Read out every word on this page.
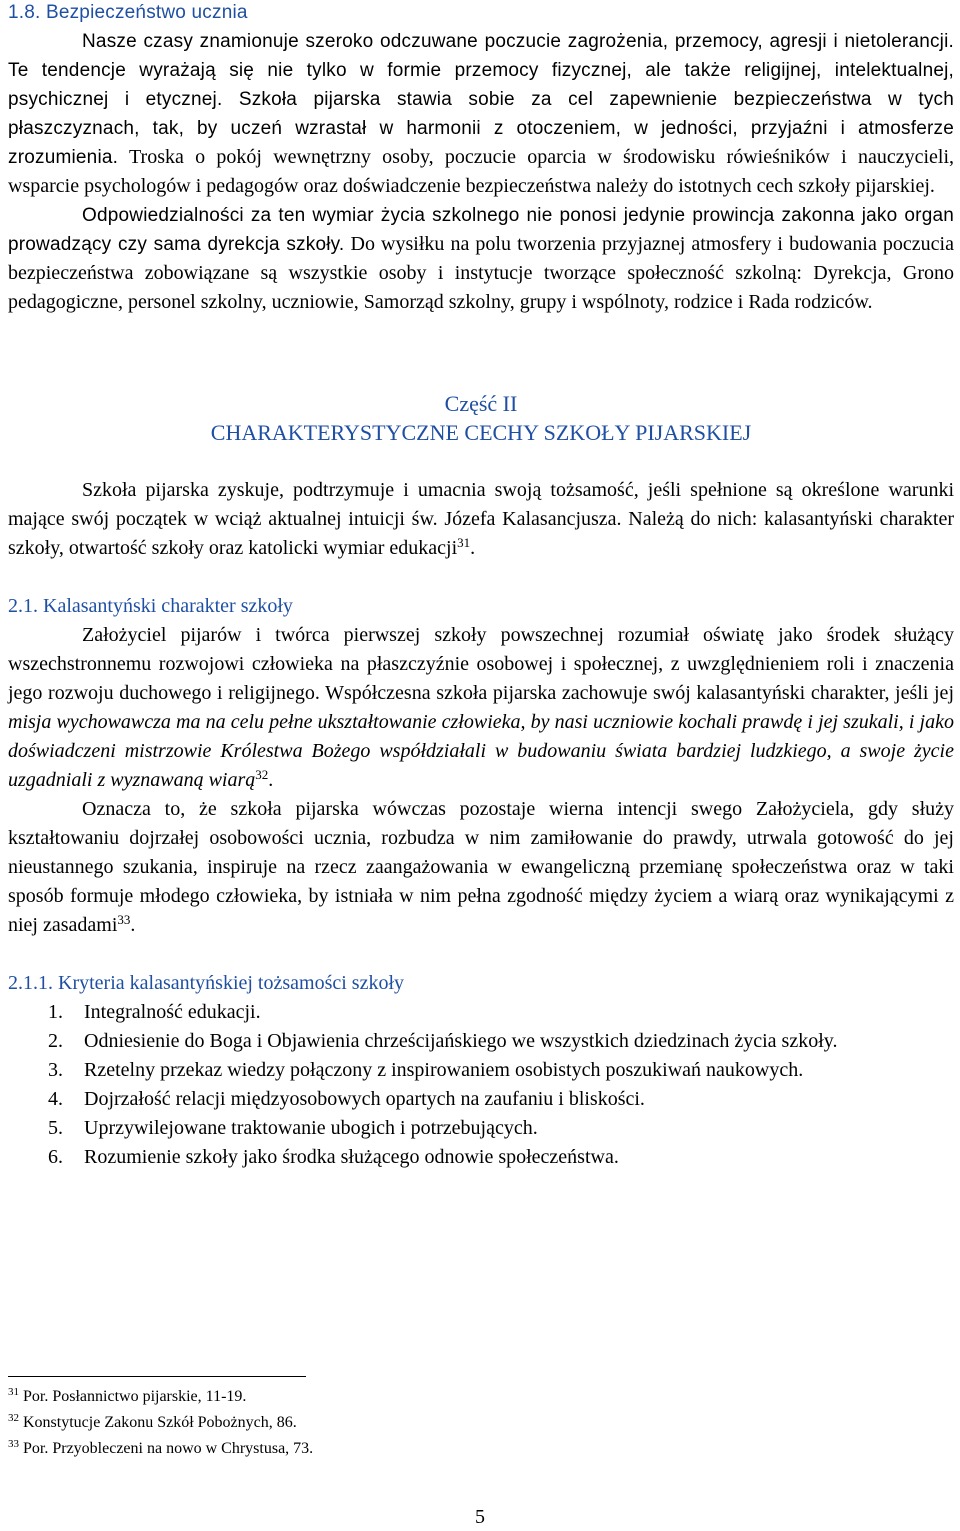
1.8. Bezpieczeństwo ucznia

Nasze czasy znamionuje szeroko odczuwane poczucie zagrożenia, przemocy, agresji i nietolerancji. Te tendencje wyrażają się nie tylko w formie przemocy fizycznej, ale także religijnej, intelektualnej, psychicznej i etycznej. Szkoła pijarska stawia sobie za cel zapewnienie bezpieczeństwa w tych płaszczyznach, tak, by uczeń wzrastał w harmonii z otoczeniem, w jedności, przyjaźni i atmosferze zrozumienia. Troska o pokój wewnętrzny osoby, poczucie oparcia w środowisku rówieśników i nauczycieli, wsparcie psychologów i pedagogów oraz doświadczenie bezpieczeństwa należy do istotnych cech szkoły pijarskiej.

Odpowiedzialności za ten wymiar życia szkolnego nie ponosi jedynie prowincja zakonna jako organ prowadzący czy sama dyrekcja szkoły. Do wysiłku na polu tworzenia przyjaznej atmosfery i budowania poczucia bezpieczeństwa zobowiązane są wszystkie osoby i instytucje tworzące społeczność szkolną: Dyrekcja, Grono pedagogiczne, personel szkolny, uczniowie, Samorząd szkolny, grupy i wspólnoty, rodzice i Rada rodziców.

Część II

CHARAKTERYSTYCZNE CECHY SZKOŁY PIJARSKIEJ

Szkoła pijarska zyskuje, podtrzymuje i umacnia swoją tożsamość, jeśli spełnione są określone warunki mające swój początek w wciąż aktualnej intuicji św. Józefa Kalasancjusza. Należą do nich: kalasantyński charakter szkoły, otwartość szkoły oraz katolicki wymiar edukacji$^{31}$.

2.1. Kalasantyński charakter szkoły

Założyciel pijarów i twórca pierwszej szkoły powszechnej rozumiał oświatę jako środek służący wszechstronnemu rozwojowi człowieka na płaszczyźnie osobowej i społecznej, z uwzględnieniem roli i znaczenia jego rozwoju duchowego i religijnego. Współczesna szkoła pijarska zachowuje swój kalasantyński charakter, jeśli jej misja wychowawcza ma na celu pełne ukształtowanie człowieka, by nasi uczniowie kochali prawdę i jej szukali, i jako doświadczeni mistrzowie Królestwa Bożego współdziałali w budowaniu świata bardziej ludzkiego, a swoje życie uzgadniali z wyznawaną wiarą$^{32}$.

Oznacza to, że szkoła pijarska wówczas pozostaje wierna intencji swego Założyciela, gdy służy kształtowaniu dojrzałej osobowości ucznia, rozbudza w nim zamiłowanie do prawdy, utrwala gotowość do jej nieustannego szukania, inspiruje na rzecz zaangażowania w ewangeliczną przemianę społeczeństwa oraz w taki sposób formuje młodego człowieka, by istniała w nim pełna zgodność między życiem a wiarą oraz wynikającymi z niej zasadami$^{33}$.

2.1.1. Kryteria kalasantyńskiej tożsamości szkoły
1. Integralność edukacji.
2. Odniesienie do Boga i Objawienia chrześcijańskiego we wszystkich dziedzinach życia szkoły.
3. Rzetelny przekaz wiedzy połączony z inspirowaniem osobistych poszukiwań naukowych.
4. Dojrzałość relacji międzyosobowych opartych na zaufaniu i bliskości.
5. Uprzywilejowane traktowanie ubogich i potrzebujących.
6. Rozumienie szkoły jako środka służącego odnowie społeczeństwa.
$^{31}$ Por. Posłannictwo pijarskie, 11-19.
$^{32}$ Konstytucje Zakonu Szkół Pobożnych, 86.
$^{33}$ Por. Przyobleczeni na nowo w Chrystusa, 73.
5
